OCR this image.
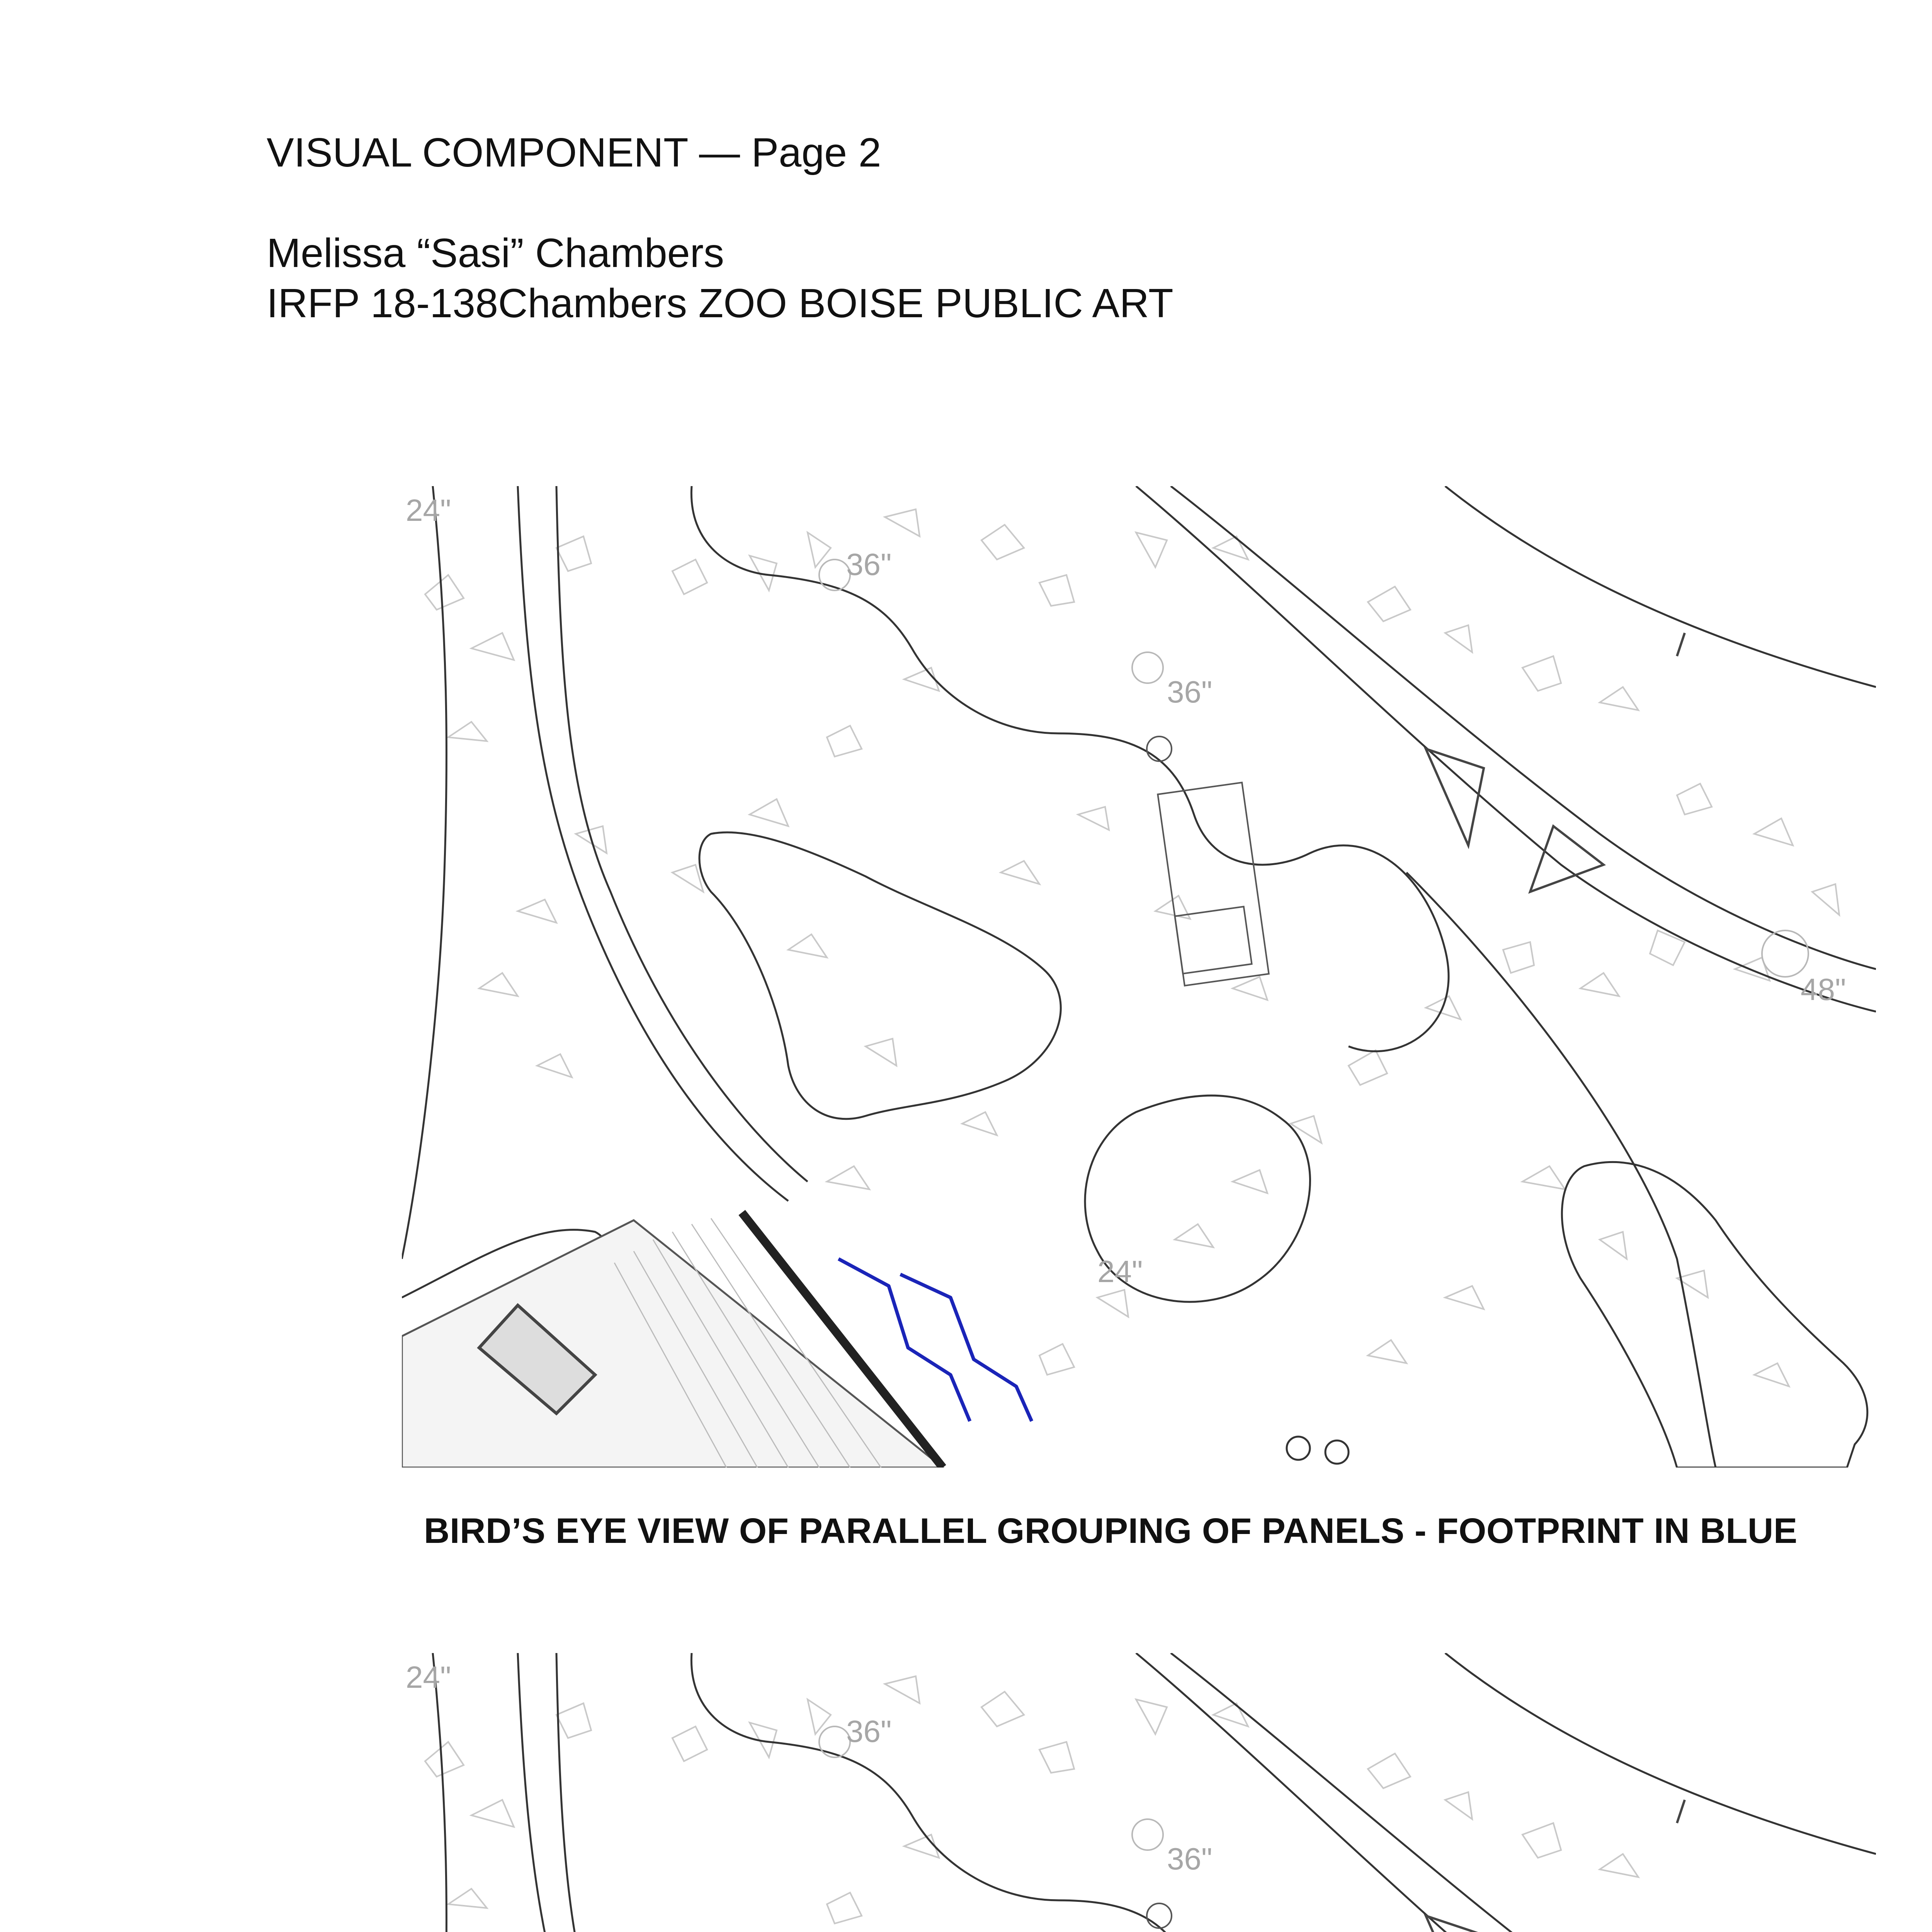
VISUAL COMPONENT — Page 2
Melissa “Sasi” Chambers
IRFP 18-138Chambers ZOO BOISE PUBLIC ART
24"
36"
36"
48"
24"
BIRD’S EYE VIEW OF PARALLEL GROUPING OF PANELS - FOOTPRINT IN BLUE
24"
36"
36"
